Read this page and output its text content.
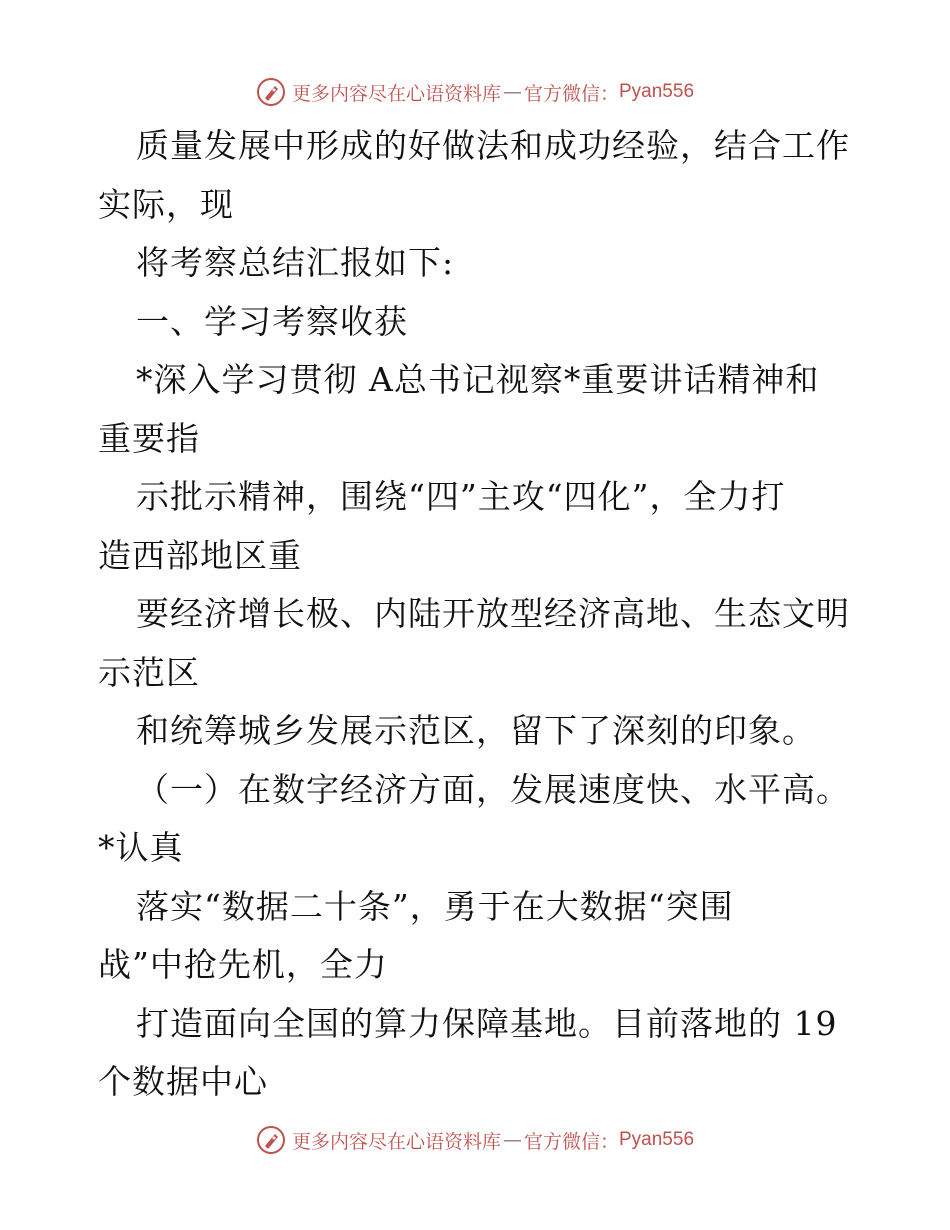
更多内容尽在心语资料库 — 官方微信： Pyan556
质量发展中形成的好做法和成功经验，结合工作
实际，现
将考察总结汇报如下:
一、学习考察收获
*深入学习贯彻 A总书记视察*重要讲话精神和
重要指
示批示精神，围绕“四”主攻“四化”，全力打
造西部地区重
要经济增长极、内陆开放型经济高地、生态文明
示范区
和统筹城乡发展示范区，留下了深刻的印象。
（一）在数字经济方面，发展速度快、水平高。
*认真
落实“数据二十条”，勇于在大数据“突围
战”中抢先机，全力
打造面向全国的算力保障基地。目前落地的 19
个数据中心
更多内容尽在心语资料库 — 官方微信： Pyan556
